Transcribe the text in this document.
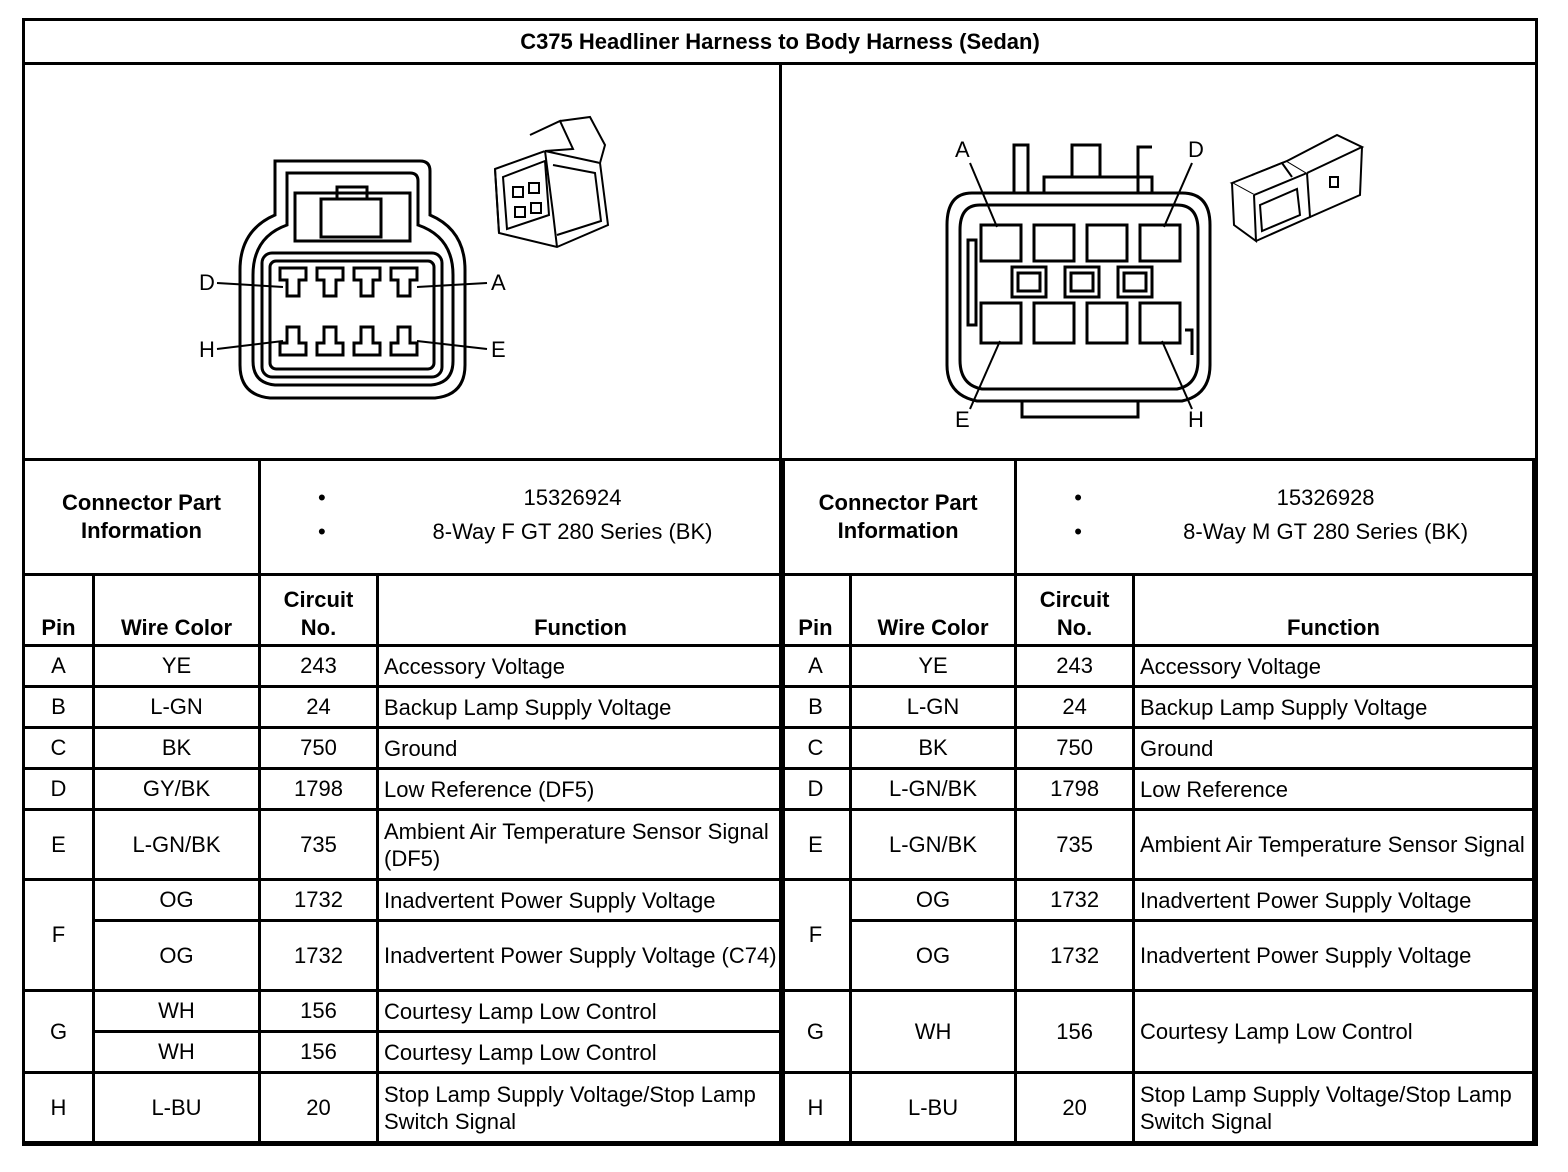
C375 Headliner Harness to Body Harness (Sedan)
D	A
H	E
A	D
E	H
Connector Part Information		• 15326924
• 8-Way F GT 280 Series (BK)

Pin	Wire Color	Circuit No.	Function
A	YE	243	Accessory Voltage
B	L-GN	24	Backup Lamp Supply Voltage
C	BK	750	Ground
D	GY/BK	1798	Low Reference (DF5)
E	L-GN/BK	735	Ambient Air Temperature Sensor Signal (DF5)
F	OG	1732	Inadvertent Power Supply Voltage
	OG	1732	Inadvertent Power Supply Voltage (C74)
G	WH	156	Courtesy Lamp Low Control
	WH	156	Courtesy Lamp Low Control
H	L-BU	20	Stop Lamp Supply Voltage/Stop Lamp Switch Signal
Connector Part Information		• 15326928
• 8-Way M GT 280 Series (BK)

Pin	Wire Color	Circuit No.	Function
A	YE	243	Accessory Voltage
B	L-GN	24	Backup Lamp Supply Voltage
C	BK	750	Ground
D	L-GN/BK	1798	Low Reference
E	L-GN/BK	735	Ambient Air Temperature Sensor Signal
F	OG	1732	Inadvertent Power Supply Voltage
	OG	1732	Inadvertent Power Supply Voltage
G	WH	156	Courtesy Lamp Low Control
H	L-BU	20	Stop Lamp Supply Voltage/Stop Lamp Switch Signal
